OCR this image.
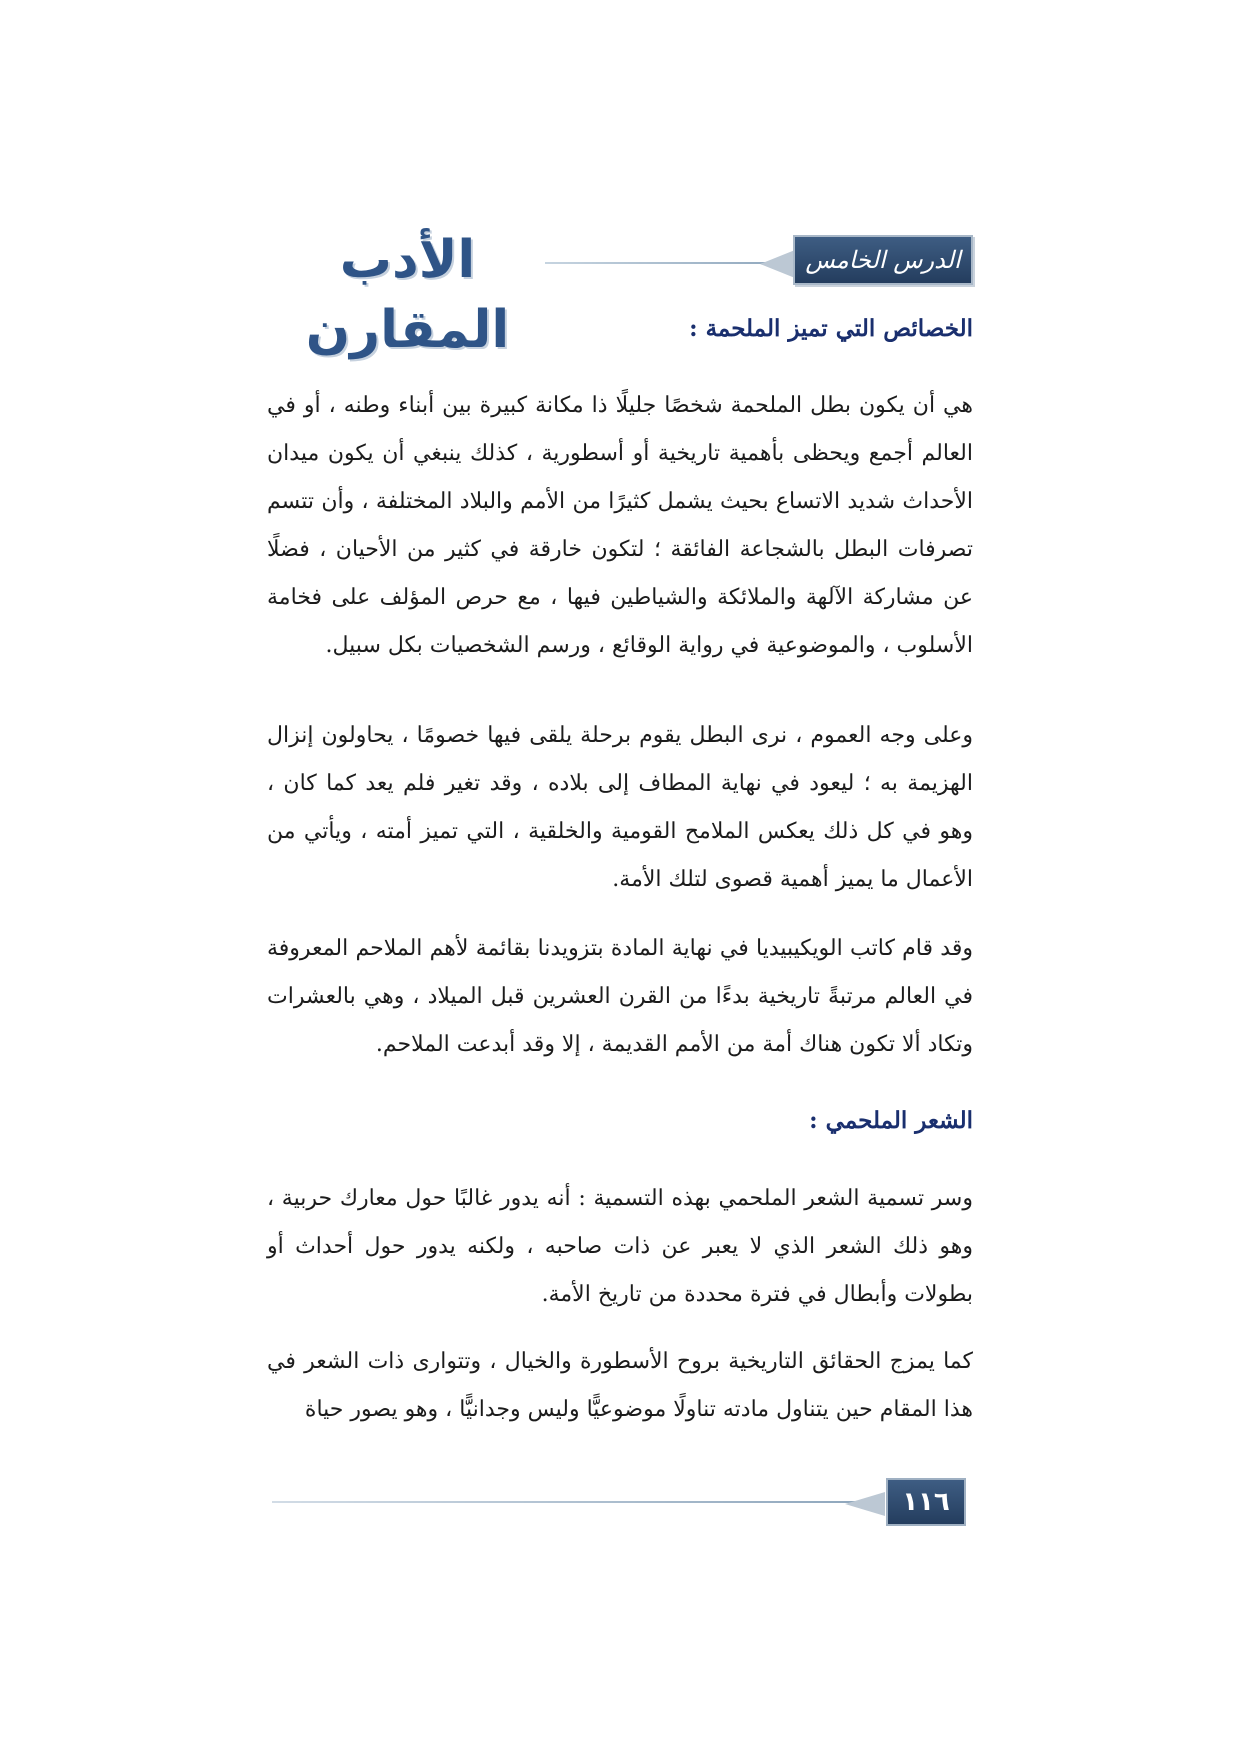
الدرس الخامس
الأدب المقارن	الخصائص التي تميز الملحمة :

هي أن يكون بطل الملحمة شخصًا جليلًا ذا مكانة كبيرة بين أبناء وطنه ، أو في العالم أجمع ويحظى بأهمية تاريخية أو أسطورية ، كذلك ينبغي أن يكون ميدان الأحداث شديد الاتساع بحيث يشمل كثيرًا من الأمم والبلاد المختلفة ، وأن تتسم تصرفات البطل بالشجاعة الفائقة ؛ لتكون خارقة في كثير من الأحيان ، فضلًا عن مشاركة الآلهة والملائكة والشياطين فيها ، مع حرص المؤلف على فخامة الأسلوب ، والموضوعية في رواية الوقائع ، ورسم الشخصيات بكل سبيل.

وعلى وجه العموم ، نرى البطل يقوم برحلة يلقى فيها خصومًا ، يحاولون إنزال الهزيمة به ؛ ليعود في نهاية المطاف إلى بلاده ، وقد تغير فلم يعد كما كان ، وهو في كل ذلك يعكس الملامح القومية والخلقية ، التي تميز أمته ، ويأتي من الأعمال ما يميز أهمية قصوى لتلك الأمة.

وقد قام كاتب الويكيبيديا في نهاية المادة بتزويدنا بقائمة لأهم الملاحم المعروفة في العالم مرتبةً تاريخية بدءًا من القرن العشرين قبل الميلاد ، وهي بالعشرات وتكاد ألا تكون هناك أمة من الأمم القديمة ، إلا وقد أبدعت الملاحم.

الشعر الملحمي :

وسر تسمية الشعر الملحمي بهذه التسمية : أنه يدور غالبًا حول معارك حربية ، وهو ذلك الشعر الذي لا يعبر عن ذات صاحبه ، ولكنه يدور حول أحداث أو بطولات وأبطال في فترة محددة من تاريخ الأمة.

كما يمزج الحقائق التاريخية بروح الأسطورة والخيال ، وتتوارى ذات الشعر في هذا المقام حين يتناول مادته تناولًا موضوعيًّا وليس وجدانيًّا ، وهو يصور حياة

١١٦
